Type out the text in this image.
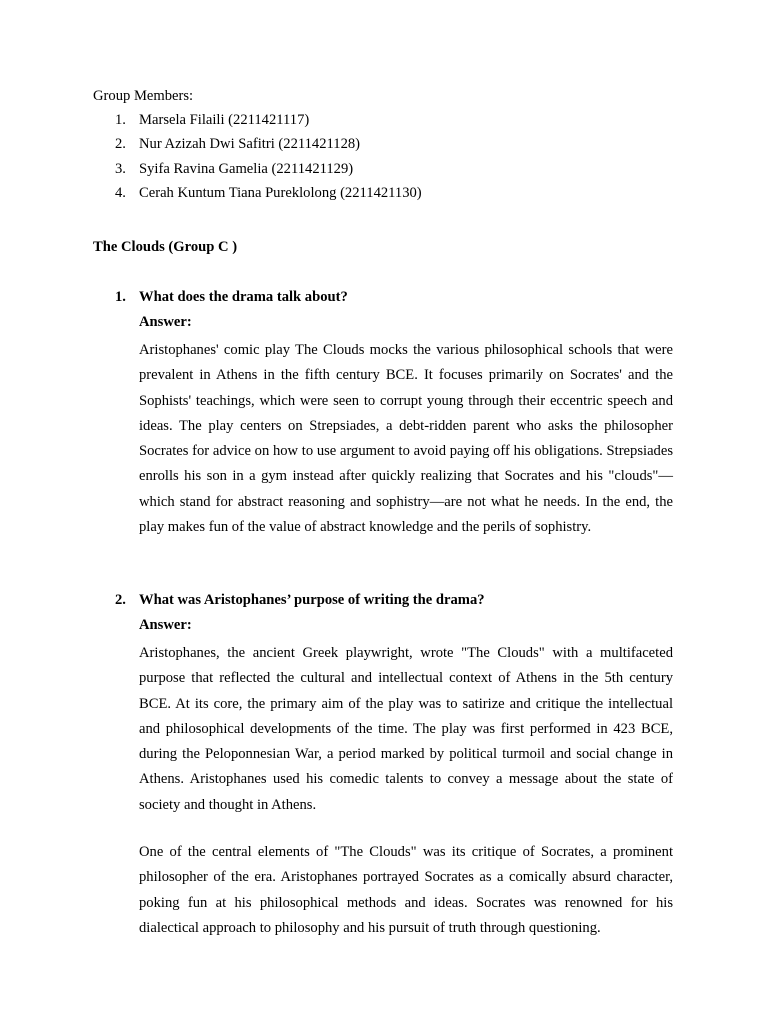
Group Members:

1. Marsela Filaili (2211421117)
2. Nur Azizah Dwi Safitri (2211421128)
3. Syifa Ravina Gamelia (2211421129)
4. Cerah Kuntum Tiana Pureklolong (2211421130)
The Clouds (Group C )

1. What does the drama talk about?

Answer:

Aristophanes' comic play The Clouds mocks the various philosophical schools that were prevalent in Athens in the fifth century BCE. It focuses primarily on Socrates' and the Sophists' teachings, which were seen to corrupt young through their eccentric speech and ideas. The play centers on Strepsiades, a debt-ridden parent who asks the philosopher Socrates for advice on how to use argument to avoid paying off his obligations. Strepsiades enrolls his son in a gym instead after quickly realizing that Socrates and his "clouds"—which stand for abstract reasoning and sophistry—are not what he needs. In the end, the play makes fun of the value of abstract knowledge and the perils of sophistry.

2. What was Aristophanes’ purpose of writing the drama?

Answer:

Aristophanes, the ancient Greek playwright, wrote "The Clouds" with a multifaceted purpose that reflected the cultural and intellectual context of Athens in the 5th century BCE. At its core, the primary aim of the play was to satirize and critique the intellectual and philosophical developments of the time. The play was first performed in 423 BCE, during the Peloponnesian War, a period marked by political turmoil and social change in Athens. Aristophanes used his comedic talents to convey a message about the state of society and thought in Athens.

One of the central elements of "The Clouds" was its critique of Socrates, a prominent philosopher of the era. Aristophanes portrayed Socrates as a comically absurd character, poking fun at his philosophical methods and ideas. Socrates was renowned for his dialectical approach to philosophy and his pursuit of truth through questioning.
